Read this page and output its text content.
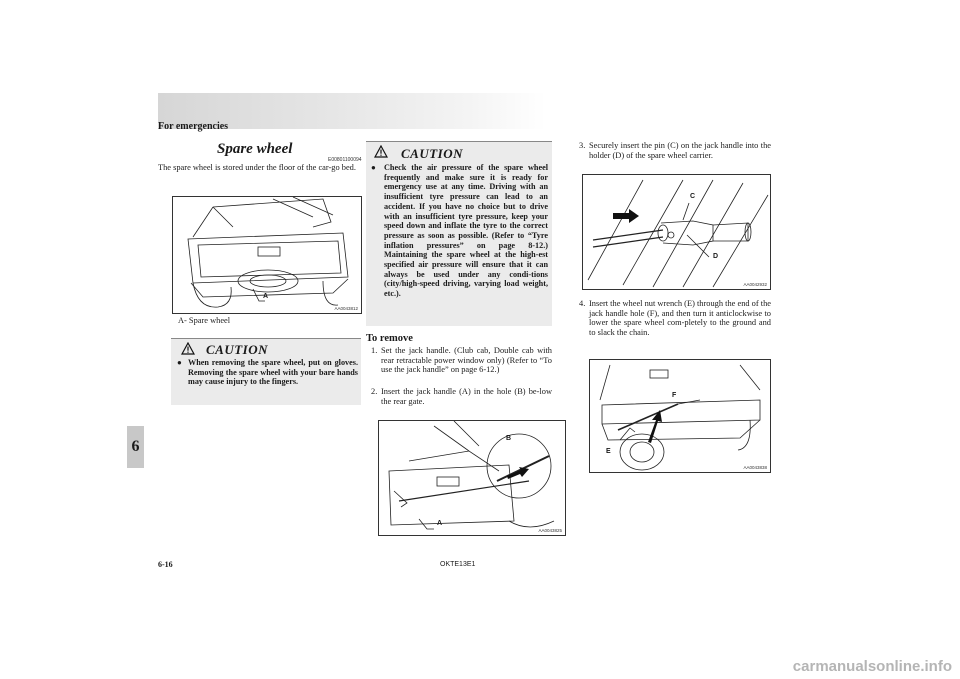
For emergencies
6
Spare wheel
E00801100094
The spare wheel is stored under the floor of the car-go bed.
A
AA0043812
A- Spare wheel
CAUTION
● When removing the spare wheel, put on gloves. Removing the spare wheel with your bare hands may cause injury to the fingers.
CAUTION
● Check the air pressure of the spare wheel frequently and make sure it is ready for emergency use at any time. Driving with an insufficient tyre pressure can lead to an accident. If you have no choice but to drive with an insufficient tyre pressure, keep your speed down and inflate the tyre to the correct pressure as soon as possible. (Refer to “Tyre inflation pressures” on page 8-12.) Maintaining the spare wheel at the high-est specified air pressure will ensure that it can always be used under any condi-tions (city/high-speed driving, varying load weight, etc.).
To remove
1. Set the jack handle. (Club cab, Double cab with rear retractable power window only) (Refer to “To use the jack handle” on page 6-12.)
2. Insert the jack handle (A) in the hole (B) be-low the rear gate.
B
A
AA0043825
3. Securely insert the pin (C) on the jack handle into the holder (D) of the spare wheel carrier.
C
D
AA0042932
4. Insert the wheel nut wrench (E) through the end of the jack handle hole (F), and then turn it anticlockwise to lower the spare wheel com-pletely to the ground and to slack the chain.
F
E
AA0043838
6-16	OKTE13E1
carmanualsonline.info
